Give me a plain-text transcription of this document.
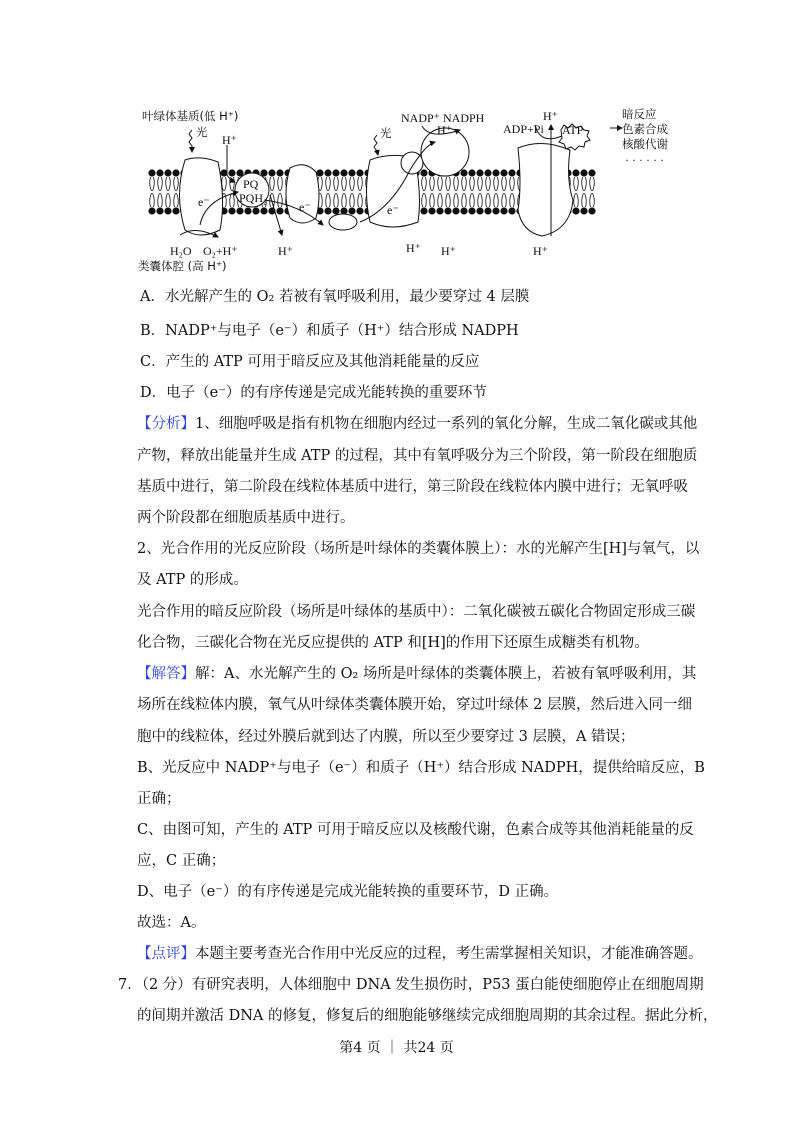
叶绿体基质(低 H⁺)
光	光
H⁺
e⁻	e⁻	e⁻
PQ
PQH₂
H₂O O₂+H⁺
类囊体腔 (高 H⁺)
H⁺	H⁺ H⁺	H⁺
NADP⁺ NADPH
H⁺
H⁺
ADP+Pi ATP
暗反应
色素合成
核酸代谢
· · · · · ·
A．水光解产生的 O₂ 若被有氧呼吸利用，最少要穿过 4 层膜
B．NADP⁺与电子（e⁻）和质子（H⁺）结合形成 NADPH
C．产生的 ATP 可用于暗反应及其他消耗能量的反应
D．电子（e⁻）的有序传递是完成光能转换的重要环节
【分析】1、细胞呼吸是指有机物在细胞内经过一系列的氧化分解，生成二氧化碳或其他
产物，释放出能量并生成 ATP 的过程，其中有氧呼吸分为三个阶段，第一阶段在细胞质
基质中进行，第二阶段在线粒体基质中进行，第三阶段在线粒体内膜中进行；无氧呼吸
两个阶段都在细胞质基质中进行。
2、光合作用的光反应阶段（场所是叶绿体的类囊体膜上）：水的光解产生[H]与氧气，以
及 ATP 的形成。
光合作用的暗反应阶段（场所是叶绿体的基质中）：二氧化碳被五碳化合物固定形成三碳
化合物，三碳化合物在光反应提供的 ATP 和[H]的作用下还原生成糖类有机物。
【解答】解：A、水光解产生的 O₂ 场所是叶绿体的类囊体膜上，若被有氧呼吸利用，其
场所在线粒体内膜，氧气从叶绿体类囊体膜开始，穿过叶绿体 2 层膜，然后进入同一细
胞中的线粒体，经过外膜后就到达了内膜，所以至少要穿过 3 层膜，A 错误；
B、光反应中 NADP⁺与电子（e⁻）和质子（H⁺）结合形成 NADPH，提供给暗反应，B
正确；
C、由图可知，产生的 ATP 可用于暗反应以及核酸代谢，色素合成等其他消耗能量的反
应，C 正确；
D、电子（e⁻）的有序传递是完成光能转换的重要环节，D 正确。
故选：A。
【点评】本题主要考查光合作用中光反应的过程，考生需掌握相关知识，才能准确答题。
7．（2 分）有研究表明，人体细胞中 DNA 发生损伤时，P53 蛋白能使细胞停止在细胞周期
的间期并激活 DNA 的修复，修复后的细胞能够继续完成细胞周期的其余过程。据此分析，
第4 页 ｜ 共24 页
